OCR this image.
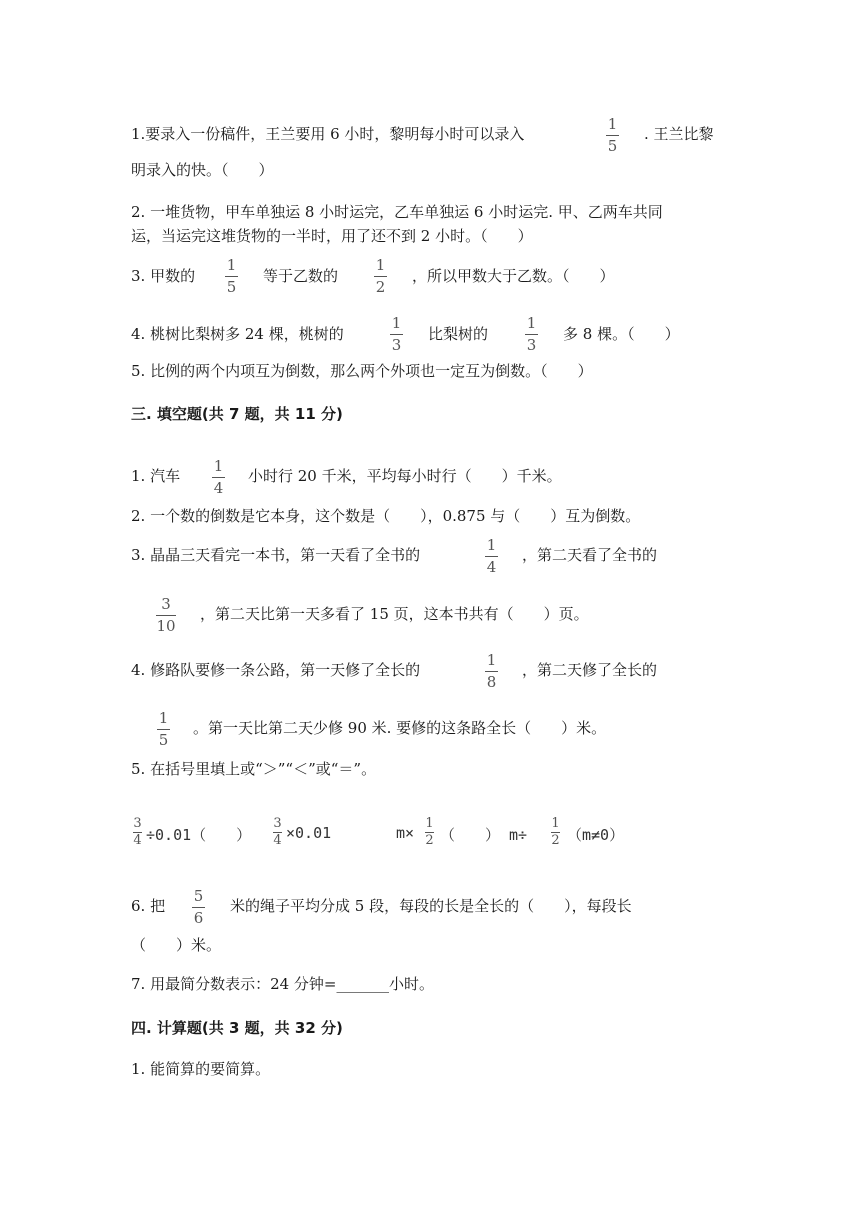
1.要录入一份稿件，王兰要用 6 小时，黎明每小时可以录入
1
5
. 王兰比黎
明录入的快。（　　）
2. 一堆货物，甲车单独运 8 小时运完，乙车单独运 6 小时运完. 甲、乙两车共同
运，当运完这堆货物的一半时，用了还不到 2 小时。（　　）
3. 甲数的
1
5
等于乙数的
1
2
，所以甲数大于乙数。（　　）
4. 桃树比梨树多 24 棵，桃树的
1
3
比梨树的
1
3
多 8 棵。（　　）
5. 比例的两个内项互为倒数，那么两个外项也一定互为倒数。（　　）
三. 填空题(共 7 题，共 11 分)
1. 汽车
1
4
小时行 20 千米，平均每小时行（　　）千米。
2. 一个数的倒数是它本身，这个数是（　　），0.875 与（　　）互为倒数。
3. 晶晶三天看完一本书，第一天看了全书的
1
4
，第二天看了全书的
3
10
，第二天比第一天多看了 15 页，这本书共有（　　）页。
4. 修路队要修一条公路，第一天修了全长的
1
8
，第二天修了全长的
1
5
。第一天比第二天少修 90 米. 要修的这条路全长（　　）米。
5. 在括号里填上或“＞”“＜”或“＝”。
3
4 ÷0.01（　　）
3
4 ×0.01	m×
1
2 （　　） m÷
1
2 （m≠0）
6. 把
5
6
米的绳子平均分成 5 段，每段的长是全长的（　　），每段长
（　　）米。
7. 用最简分数表示：24 分钟=_______小时。
四. 计算题(共 3 题，共 32 分)
1. 能简算的要简算。
